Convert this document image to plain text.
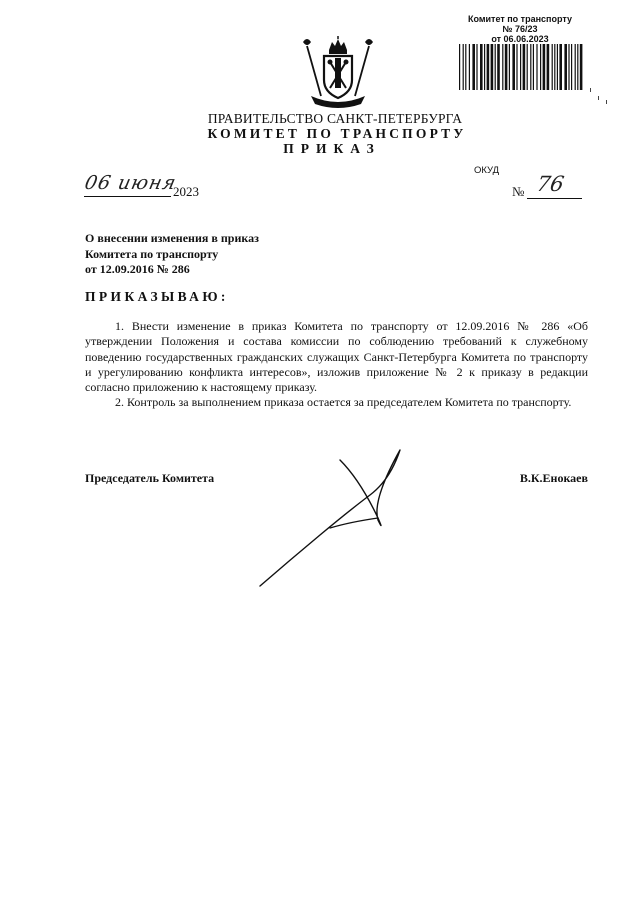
Комитет по транспорту
№ 76/23
от 06.06.2023
ПРАВИТЕЛЬСТВО САНКТ-ПЕТЕРБУРГА
КОМИТЕТ ПО ТРАНСПОРТУ
ПРИКАЗ
ОКУД
06 июня
2023	№ 76
О внесении изменения в приказ
Комитета по транспорту
от 12.09.2016 № 286
ПРИКАЗЫВАЮ:

1. Внести изменение в приказ Комитета по транспорту от 12.09.2016 № 286 «Об утверждении Положения и состава комиссии по соблюдению требований к служебному поведению государственных гражданских служащих Санкт-Петербурга Комитета по транспорту и урегулированию конфликта интересов», изложив приложение № 2 к приказу в редакции согласно приложению к настоящему приказу.

2. Контроль за выполнением приказа остается за председателем Комитета по транспорту.

Председатель Комитета	В.К.Енокаев
